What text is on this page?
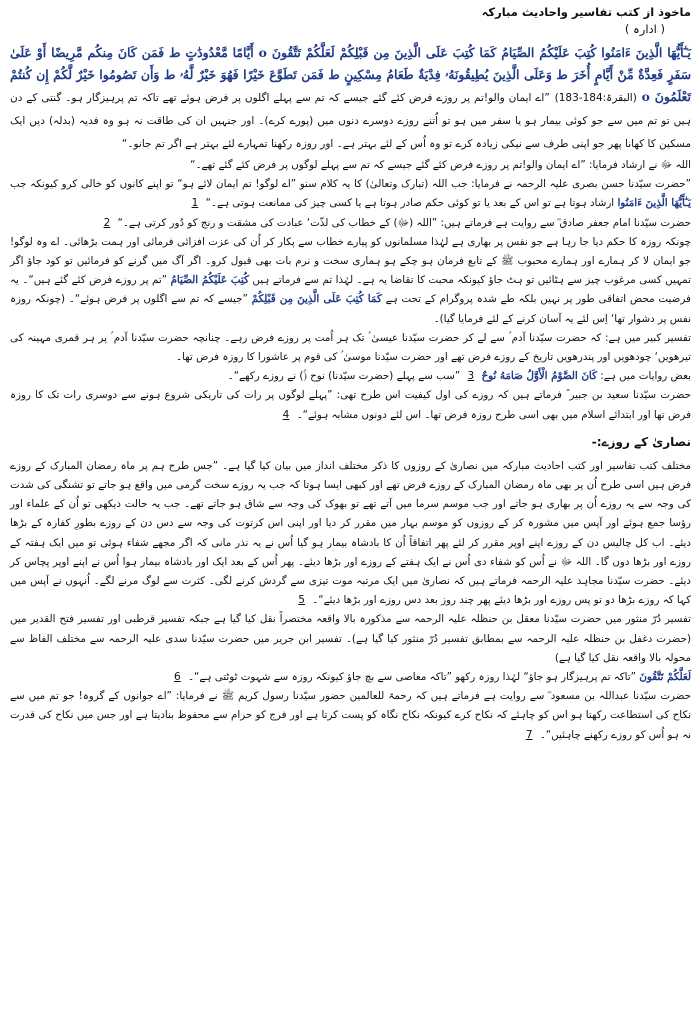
ماخوذ از کتب تفاسیر واحادیث مبارکہ
( ادارہ )
يَـٰٓأَيُّهَا الَّذِينَ ءَامَنُوا كُتِبَ عَلَيْكُمُ الصِّيَامُ كَمَا كُتِبَ عَلَى الَّذِينَ مِن قَبْلِكُمْ لَعَلَّكُمْ تَتَّقُونَ o أَيَّامًا مَّعْدُودَٰتٍ ط فَمَن كَانَ مِنكُم مَّرِيضًا أَوْ عَلَىٰ سَفَرٍ فَعِدَّةٌ مِّنْ أَيَّامٍ أُخَرَ ط وَعَلَى الَّذِينَ يُطِيقُونَهُۥ فِدْيَةٌ طَعَامُ مِسْكِينٍ ط فَمَن تَطَوَّعَ خَيْرًا فَهُوَ خَيْرٌ لَّهُۥ ط وَأَن تَصُومُوا خَيْرٌ لَّكُمْ إِن كُنتُمْ تَعْلَمُونَ o (البقرۃ:184-183) ”اے ایمان والو!تم پر روزے فرض کئے گئے جیسے کہ تم سے پہلے اگلوں پر فرض ہوئے تھے تاکہ تم پرہیزگار ہو۔ گنتی کے دن ہیں تو تم میں سے جو کوئی بیمار ہو یا سفر میں ہو تو اُتنے روزے دوسرے دنوں میں (پورے کرے)۔ اور جنہیں ان کی طاقت نہ ہو وہ فدیہ (بدلہ) دیں ایک مسکین کا کھانا پھر جو اپنی طرف سے نیکی زیادہ کرے تو وہ اُس کے لئے بہتر ہے۔ اور روزہ رکھنا تمہارے لئے بہتر ہے اگر تم جانو۔“

اللہ ﷻ نے ارشاد فرمایا: ”اے ایمان والو!تم پر روزے فرض کئے گئے جیسے کہ تم سے پہلے لوگوں پر فرض کئے گئے تھے۔“

”حضرت سیّدنا حسن بصری علیہ الرحمہ نے فرمایا: جب اللہ (تبارک وتعالیٰ) کا یہ کلام سنو ”اے لوگو! تم ایمان لائے ہو“ تو اپنے کانوں کو خالی کرو کیونکہ جب يَـٰٓأَيُّهَا الَّذِينَ ءَامَنُوا ارشاد ہوتا ہے تو اس کے بعد یا تو کوئی حکم صادر ہوتا ہے یا کسی چیز کی ممانعت ہوتی ہے۔“ 1

حضرت سیّدنا امام جعفر صادق ؓ سے روایت ہے فرماتے ہیں: ”اللہ (ﷻ) کے خطاب کی لذّت‘ عبادت کی مشقت و رنج کو دُور کرتی ہے۔“ 2

چونکہ روزہ کا حکم دیا جا رہا ہے جو نفس پر بھاری ہے لہٰذا مسلمانوں کو پیارے خطاب سے پکار کر اُن کی عزت افزائی فرمائی اور ہمت بڑھائی۔ اے وہ لوگو! جو ایمان لا کر ہمارے اور ہمارے محبوب ﷺ کے تابع فرمان ہو چکے ہو ہماری سخت و نرم بات بھی قبول کرو۔ اگر آگ میں گرنے کو فرمائیں تو کود جاؤ اگر تمہیں کسی مرغوب چیز سے ہٹائیں تو ہٹ جاؤ کیونکہ محبت کا تقاضا یہ ہے۔ لہٰذا تم سے فرماتے ہیں كُتِبَ عَلَيْكُمُ الصِّيَامُ ”تم پر روزے فرض کئے گئے ہیں“۔ یہ فرضیت محض اتفاقی طور پر نہیں بلکہ طے شدہ پروگرام کے تحت ہے كَمَا كُتِبَ عَلَى الَّذِينَ مِن قَبْلِكُمْ ”جیسے کہ تم سے اگلوں پر فرض ہوئے“۔ (چونکہ روزہ نفس پر دشوار تھا‘ اِس لئے یہ آسان کرنے کے لئے فرمایا گیا)۔

تفسیر کبیر میں ہے: کہ حضرت سیّدنا آدم ؑ سے لے کر حضرت سیّدنا عیسیٰ ؑ تک ہر اُمت پر روزے فرض رہے۔ چنانچہ حضرت سیّدنا آدم ؑ پر ہر قمری مہینہ کی تیرھویں‘ چودھویں اور پندرھویں تاریخ کے روزے فرض تھے اور حضرت سیّدنا موسیٰ ؑ کی قوم پر عاشورا کا روزہ فرض تھا۔

بعض روایات میں ہے: كَانَ الصَّوْمُ الْأَوَّلُ صَامَهُ نُوحٌ 3 ”سب سے پہلے (حضرت سیّدنا) نوح (ؑ) نے روزے رکھے“۔

حضرت سیّدنا سعید بن جبیر ؓ فرماتے ہیں کہ روزے کی اول کیفیت اس طرح تھی: ”پہلے لوگوں پر رات کی تاریکی شروع ہونے سے دوسری رات تک کا روزہ فرض تھا اور ابتدائے اسلام میں بھی اسی طرح روزہ فرض تھا۔ اس لئے دونوں مشابہ ہوئے“۔ 4

نصاریٰ کے روزے:-

مختلف کتب تفاسیر اور کتب احادیث مبارکہ میں نصاریٰ کے روزوں کا ذکر مختلف انداز میں بیان کیا گیا ہے۔ ”جس طرح ہم پر ماہ رمضان المبارک کے روزے فرض ہیں اسی طرح اُن پر بھی ماہ رمضان المبارک کے روزے فرض تھے اور کبھی ایسا ہوتا کہ جب یہ روزے سخت گرمی میں واقع ہو جاتے تو تشنگی کی شدت کی وجہ سے یہ روزے اُن پر بھاری ہو جاتے اور جب موسم سرما میں آتے تھے تو بھوک کی وجہ سے شاق ہو جاتے تھے۔ جب یہ حالت دیکھی تو اُن کے علماء اور رؤسا جمع ہوئے اور آپس میں مشورہ کر کے روزوں کو موسم بہار میں مقرر کر دیا اور اپنی اس کرتوت کی وجہ سے دس دن کے روزے بطورِ کفارہ کے بڑھا دیئے۔ اب کل چالیس دن کے روزے اپنے اوپر مقرر کر لئے پھر اتفاقاً اُن کا بادشاہ بیمار ہو گیا اُس نے یہ نذر مانی کہ اگر مجھے شفاء ہوئی تو میں ایک ہفتہ کے روزے اور بڑھا دوں گا۔ اللہ ﷻ نے اُس کو شفاء دی اُس نے ایک ہفتے کے روزے اور بڑھا دیئے۔ پھر اُس کے بعد ایک اور بادشاہ بیمار ہوا اُس نے اپنے اوپر پچاس کر دیئے۔ حضرت سیّدنا مجاہد علیہ الرحمہ فرماتے ہیں کہ نصاریٰ میں ایک مرتبہ موت تیزی سے گردش کرنے لگی۔ کثرت سے لوگ مرنے لگے۔ اُنہوں نے آپس میں کہا کہ روزے بڑھا دو تو پس روزے اور بڑھا دیئے پھر چند روز بعد دس روزے اور بڑھا دیئے“۔ 5

تفسیر دُرّ منثور میں حضرت سیّدنا معقل بن حنظلہ علیہ الرحمہ سے مذکورہ بالا واقعہ مختصراً نقل کیا گیا ہے جبکہ تفسیر قرطبی اور تفسیر فتح القدیر میں (حضرت دغفل بن حنظلہ علیہ الرحمہ سے بمطابق تفسیر دُرّ منثور کیا گیا ہے)۔ تفسیر ابن جریر میں حضرت سیّدنا سدی علیہ الرحمہ سے مختلف الفاظ سے محولہ بالا واقعہ نقل کیا گیا ہے)

لَعَلَّكُمْ تَتَّقُونَ ”تاکہ تم پرہیزگار ہو جاؤ“ لہٰذا روزہ رکھو ”تاکہ معاصی سے بچ جاؤ کیونکہ روزہ سے شہوت ٹوٹتی ہے“۔ 6

حضرت سیّدنا عبداللہ بن مسعود ؓ سے روایت ہے فرماتے ہیں کہ رحمۃ للعالمین حضور سیّدنا رسول کریم ﷺ نے فرمایا: ”اے جوانوں کے گروہ! جو تم میں سے نکاح کی استطاعت رکھتا ہو اس کو چاہئے کہ نکاح کرے کیونکہ نکاح نگاہ کو پست کرتا ہے اور فرج کو حرام سے محفوظ بنادیتا ہے اور جس میں نکاح کی قدرت نہ ہو اُس کو روزے رکھنے چاہئیں“۔ 7
